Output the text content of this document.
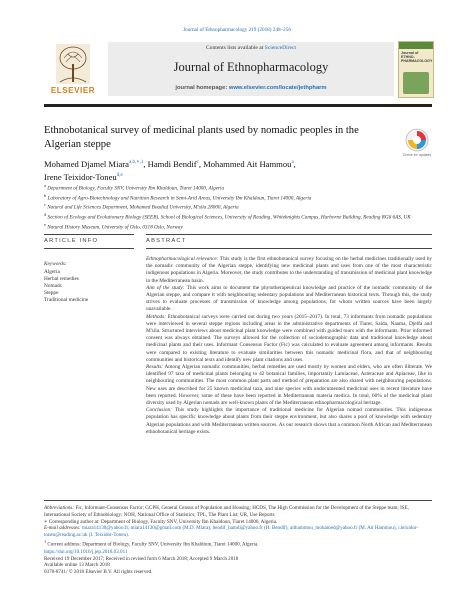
Journal of Ethnopharmacology 219 (2018) 248–256
ELSEVIER
Contents lists available at ScienceDirect
Journal of Ethnopharmacology
journal homepage: www.elsevier.com/locate/jethpharm
Journal of ETHNO-PHARMACOLOGY
Ethnobotanical survey of medicinal plants used by nomadic peoples in the Algerian steppe
Check for updates
Mohamed Djamel Miara$^{a,b,∗,1}$, Hamdi Bendif$^c$, Mohammed Ait Hammou$^a$,
Irene Teixidor-Toneu$^{d,e}$
$^a$ Department of Biology, Faculty SNV, University Ibn Khaldoun, Tiaret 14000, Algeria
$^b$ Laboratory of Agro-Biotechnology and Nutrition Research in Semi-Arid Areas, University Ibn Khaldoun, Tiaret 14000, Algeria
$^c$ Natural and Life Sciences Department, Mohamed Boudiaf University, M'sila 28000, Algeria
$^d$ Section of Ecology and Evolutionary Biology (SEEB), School of Biological Sciences, University of Reading, Whiteknights Campus, Harborne Building, Reading RG6 6AS, UK
$^e$ Natural History Museum, University of Oslo, 0318 Oslo, Norway
ARTICLE INFO	ABSTRACT
Keywords:
Algeria
Herbal remedies
Nomads
Steppe
Traditional medicine

Ethnopharmacological relevance: This study is the first ethnobotanical survey focusing on the herbal medicines traditionally used by the nomadic community of the Algerian steppe, identifying new medicinal plants and uses from one of the most characteristic indigenous populations in Algeria. Moreover, the study contributes to the understanding of transmission of medicinal plant knowledge in the Mediterranean basin.

Aim of the study: This work aims to document the phytotherapeutical knowledge and practice of the nomadic community of the Algerian steppe, and compare it with neighbouring sedentary populations and Mediterranean historical texts. Through this, the study strives to evaluate processes of transmission of knowledge among populations, for whom written sources have been largely unavailable.

Methods: Ethnobotanical surveys were carried out during two years (2015–2017). In total, 73 informants from nomadic populations were interviewed in several steppe regions including areas in the administrative departments of Tiaret, Saida, Naama, Djelfa and M'sila. Structured interviews about medicinal plant knowledge were combined with guided tours with the informants. Prior informed consent was always obtained. The surveys allowed for the collection of sociodemographic data and traditional knowledge about medicinal plants and their uses. Informant Consensus Factor (Fic) was calculated to evaluate agreement among informants. Results were compared to existing literature to evaluate similarities between this nomadic medicinal flora, and that of neighbouring communities and historical texts and identify new plant citations and uses.

Results: Among Algerian nomadic communities, herbal remedies are used mostly by women and elders, who are often illiterate. We identified 97 taxa of medicinal plants belonging to 42 botanical families, importantly Lamiaceae, Asteraceae and Apiaceae, like in neighbouring communities. The most common plant parts and method of preparation are also shared with neighbouring populations. New uses are described for 25 known medicinal taxa, and nine species with undocumented medicinal uses in recent literature have been reported. However, some of these have been reported in Mediterranean materia medica. In total, 60% of the medicinal plant diversity used by Algerian nomads are well-known plants of the Mediterranean ethnopharmacological heritage.

Conclusion: This study highlights the importance of traditional medicine for Algerian nomad communities. This indigenous population has specific knowledge about plants from their steppe environment, but also shares a pool of knowledge with sedentary Algerian populations and with Mediterranean written sources. As our research shows that a common North African and Mediterranean ethnobotanical heritage exists.

Abbreviations: Fic, Informant-Consensus Factor; GCPH, General Census of Population and Housing; HCDS, The High Commission for the Development of the Steppe team; ISE, International Society of Ethnobiology; NOH, National Office of Statistics; TPL, The Plant List; UR, Use Reports

∗ Corresponding author at: Department of Biology, Faculty SNV, University Ibn Khaldoun, Tiaret 14000, Algeria.

E-mail addresses: miara14130@yahoo.fr, miara14130@gmail.com (M.D. Miara), bendif_hamdi@yahoo.fr (H. Bendif), aithammou_mohamed@yahoo.fr (M. Ait Hammou), i.teixidor-toneu@reading.ac.uk (I. Teixidor-Toneu).

$^1$ Current address: Department of Biology, Faculty SNV, University Ibn Khaldoun, Tiaret 14000, Algeria.

https://doi.org/10.1016/j.jep.2018.03.011

Received 19 December 2017; Received in revised form 6 March 2018; Accepted 9 March 2018

Available online 13 March 2018

0378-8741/ © 2018 Elsevier B.V. All rights reserved.
